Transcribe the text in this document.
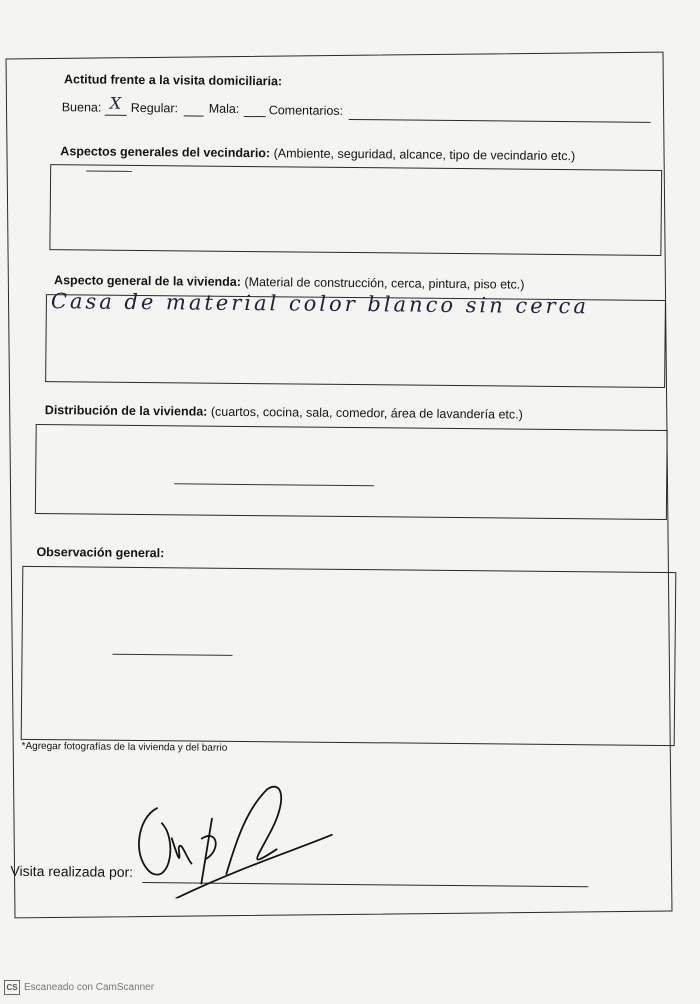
Actitud frente a la visita domiciliaria:
Buena: X Regular: Mala: Comentarios:
Aspectos generales del vecindario: (Ambiente, seguridad, alcance, tipo de vecindario etc.)
Aspecto general de la vivienda: (Material de construcción, cerca, pintura, piso etc.)
Casa de material color blanco sin cerca
Distribución de la vivienda: (cuartos, cocina, sala, comedor, área de lavandería etc.)
Observación general:
*Agregar fotografías de la vivienda y del barrio
Visita realizada por:
CS Escaneado con CamScanner
